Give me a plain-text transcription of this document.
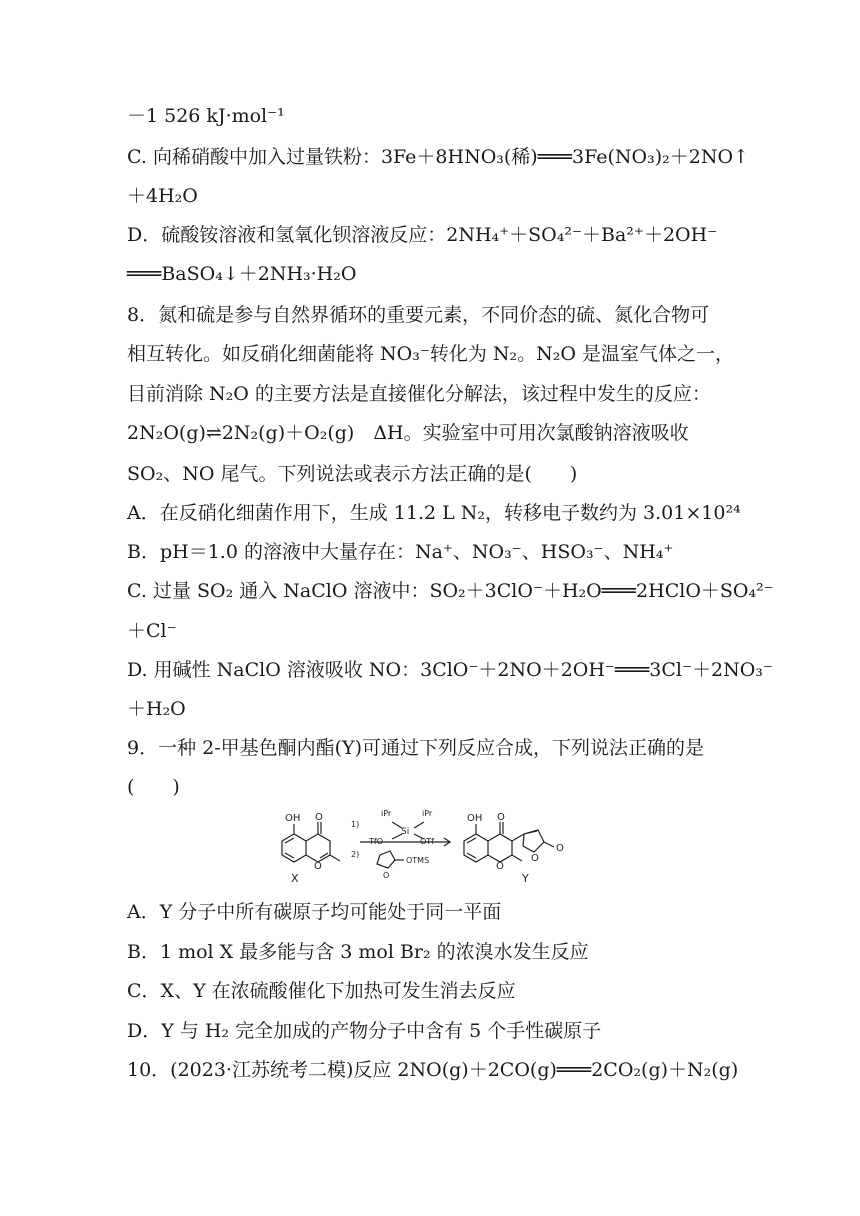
－1 526 kJ·mol⁻¹
C. 向稀硝酸中加入过量铁粉：3Fe＋8HNO₃(稀)═══3Fe(NO₃)₂＋2NO↑
＋4H₂O
D．硫酸铵溶液和氢氧化钡溶液反应：2NH₄⁺＋SO₄²⁻＋Ba²⁺＋2OH⁻
═══BaSO₄↓＋2NH₃·H₂O
8．氮和硫是参与自然界循环的重要元素，不同价态的硫、氮化合物可
相互转化。如反硝化细菌能将 NO₃⁻转化为 N₂。N₂O 是温室气体之一，
目前消除 N₂O 的主要方法是直接催化分解法，该过程中发生的反应：
2N₂O(g)⇌2N₂(g)＋O₂(g)　ΔH。实验室中可用次氯酸钠溶液吸收
SO₂、NO 尾气。下列说法或表示方法正确的是(　　)
A．在反硝化细菌作用下，生成 11.2 L N₂，转移电子数约为 3.01×10²⁴
B．pH＝1.0 的溶液中大量存在：Na⁺、NO₃⁻、HSO₃⁻、NH₄⁺
C. 过量 SO₂ 通入 NaClO 溶液中：SO₂＋3ClO⁻＋H₂O═══2HClO＋SO₄²⁻
＋Cl⁻
D. 用碱性 NaClO 溶液吸收 NO：3ClO⁻＋2NO＋2OH⁻═══3Cl⁻＋2NO₃⁻
＋H₂O
9．一种 2-甲基色酮内酯(Y)可通过下列反应合成，下列说法正确的是
(　　)
OH O
O
X
1)
2)
iPr	iPr
Si
TfO	OTf
O
OTMS
OH O
O
O
O
Y
A．Y 分子中所有碳原子均可能处于同一平面
B．1 mol X 最多能与含 3 mol Br₂ 的浓溴水发生反应
C．X、Y 在浓硫酸催化下加热可发生消去反应
D．Y 与 H₂ 完全加成的产物分子中含有 5 个手性碳原子
10．(2023·江苏统考二模)反应 2NO(g)＋2CO(g)═══2CO₂(g)＋N₂(g)
